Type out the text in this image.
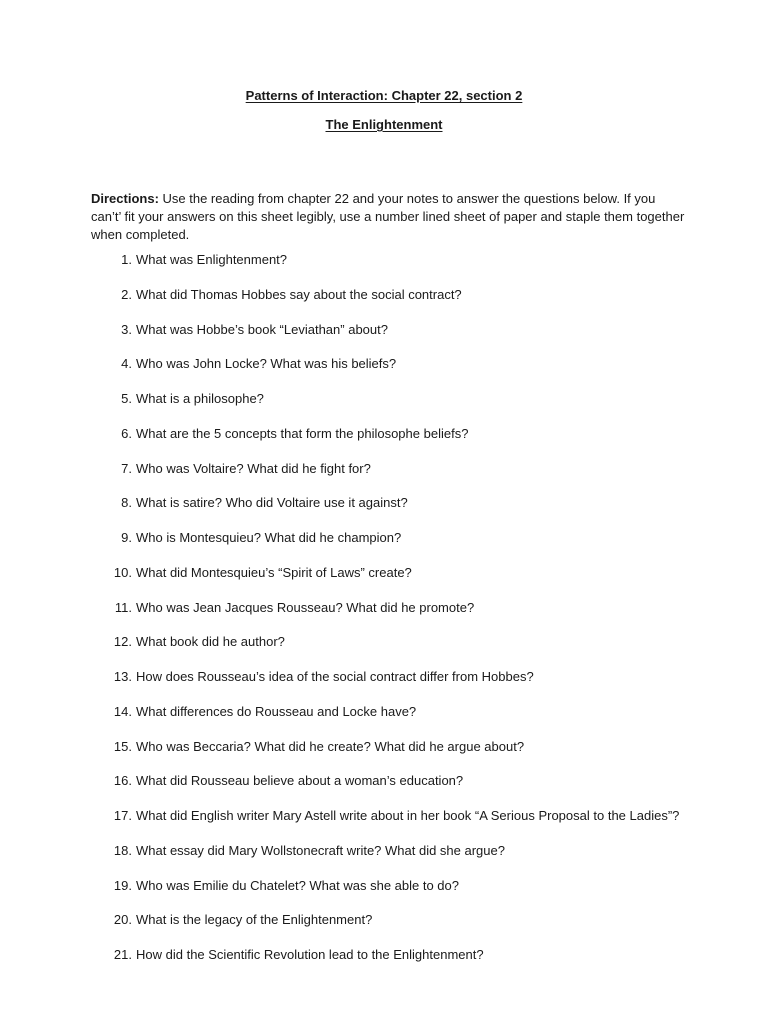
Patterns of Interaction: Chapter 22, section 2
The Enlightenment
Directions: Use the reading from chapter 22 and your notes to answer the questions below. If you can’t’ fit your answers on this sheet legibly, use a number lined sheet of paper and staple them together when completed.
1. What was Enlightenment?
2. What did Thomas Hobbes say about the social contract?
3. What was Hobbe’s book “Leviathan” about?
4. Who was John Locke? What was his beliefs?
5. What is a philosophe?
6. What are the 5 concepts that form the philosophe beliefs?
7. Who was Voltaire? What did he fight for?
8. What is satire? Who did Voltaire use it against?
9. Who is Montesquieu? What did he champion?
10. What did Montesquieu’s “Spirit of Laws” create?
11. Who was Jean Jacques Rousseau? What did he promote?
12. What book did he author?
13. How does Rousseau’s idea of the social contract differ from Hobbes?
14. What differences do Rousseau and Locke have?
15. Who was Beccaria? What did he create? What did he argue about?
16. What did Rousseau believe about a woman’s education?
17. What did English writer Mary Astell write about in her book “A Serious Proposal to the Ladies”?
18. What essay did Mary Wollstonecraft write? What did she argue?
19. Who was Emilie du Chatelet? What was she able to do?
20. What is the legacy of the Enlightenment?
21. How did the Scientific Revolution lead to the Enlightenment?
